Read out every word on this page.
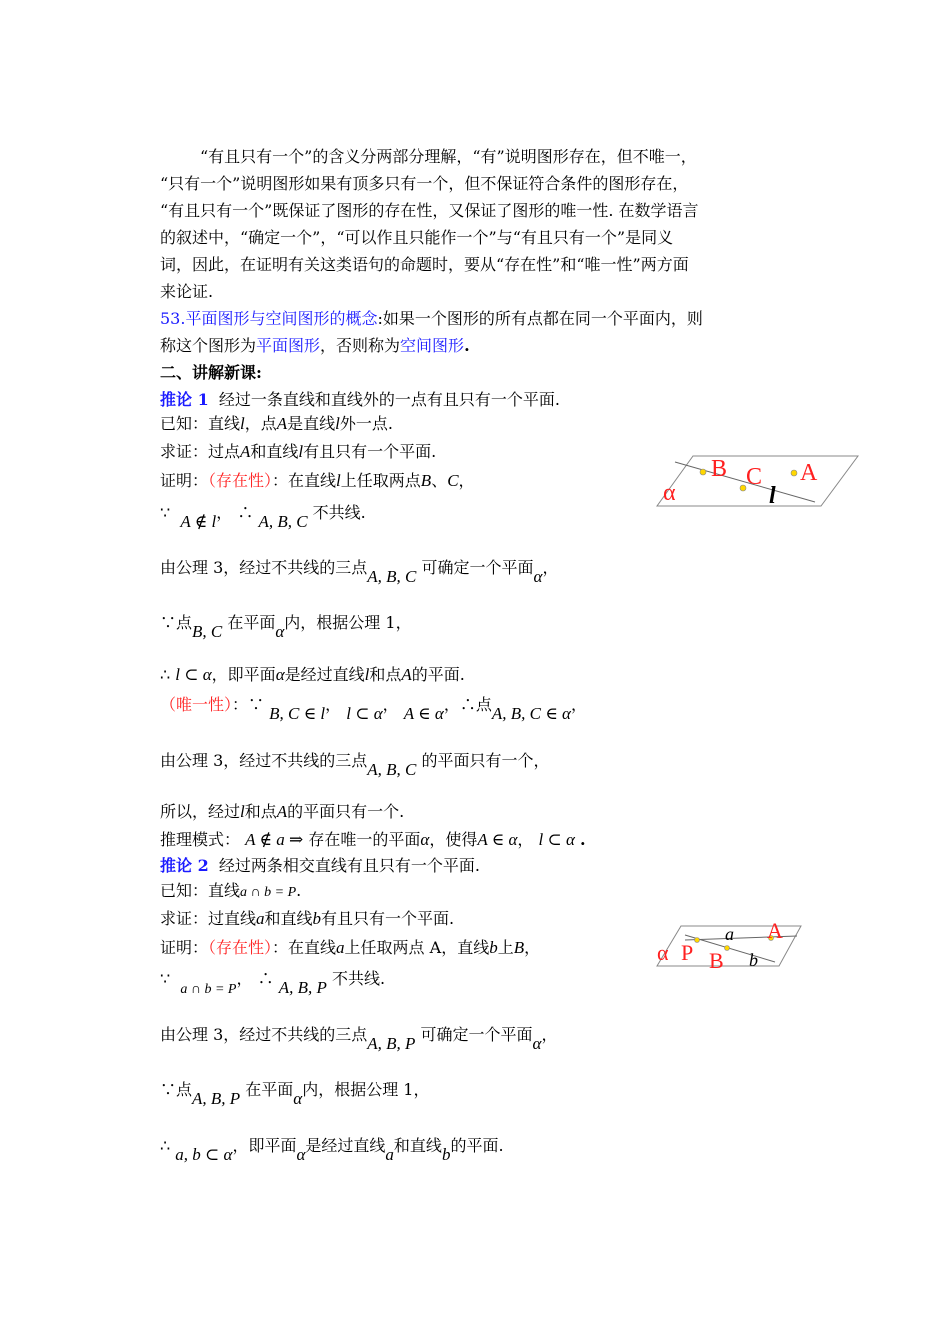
“有且只有一个”的含义分两部分理解，“有”说明图形存在，但不唯一，
“只有一个”说明图形如果有顶多只有一个，但不保证符合条件的图形存在，
“有且只有一个”既保证了图形的存在性，又保证了图形的唯一性. 在数学语言
的叙述中，“确定一个”，“可以作且只能作一个”与“有且只有一个”是同义
词，因此，在证明有关这类语句的命题时，要从“存在性”和“唯一性”两方面
来论证.
53.平面图形与空间图形的概念:如果一个图形的所有点都在同一个平面内，则
称这个图形为平面图形，否则称为空间图形.
二、讲解新课:
推论 1 经过一条直线和直线外的一点有且只有一个平面.
已知：直线l，点A是直线l外一点.
求证：过点A和直线l有且只有一个平面.
证明：（存在性）：在直线l上任取两点B、C，
∵ A ∉ l， ∴ A, B, C 不共线.
由公理 3，经过不共线的三点A, B, C 可确定一个平面α，
∵点B, C 在平面α内，根据公理 1，
∴ l ⊂ α，即平面α是经过直线l和点A的平面.
（唯一性）：∵ B, C ∈ l， l ⊂ α， A ∈ α，∴点A, B, C ∈ α，
由公理 3，经过不共线的三点A, B, C 的平面只有一个，
所以，经过l和点A的平面只有一个.
推理模式： A ∉ a ⇒ 存在唯一的平面α，使得A ∈ α， l ⊂ α .
α
B C A
l
推论 2 经过两条相交直线有且只有一个平面.
已知：直线a ∩ b = P.
求证：过直线a和直线b有且只有一个平面.
证明：（存在性）：在直线a上任取两点 A，直线b上B，
∵  a ∩ b = P， ∴ A, B, P 不共线.
由公理 3，经过不共线的三点A, B, P 可确定一个平面α，
∵点A, B, P 在平面α内，根据公理 1，
∴ a, b ⊂ α，即平面α是经过直线a和直线b的平面.
α P B
a A
b
